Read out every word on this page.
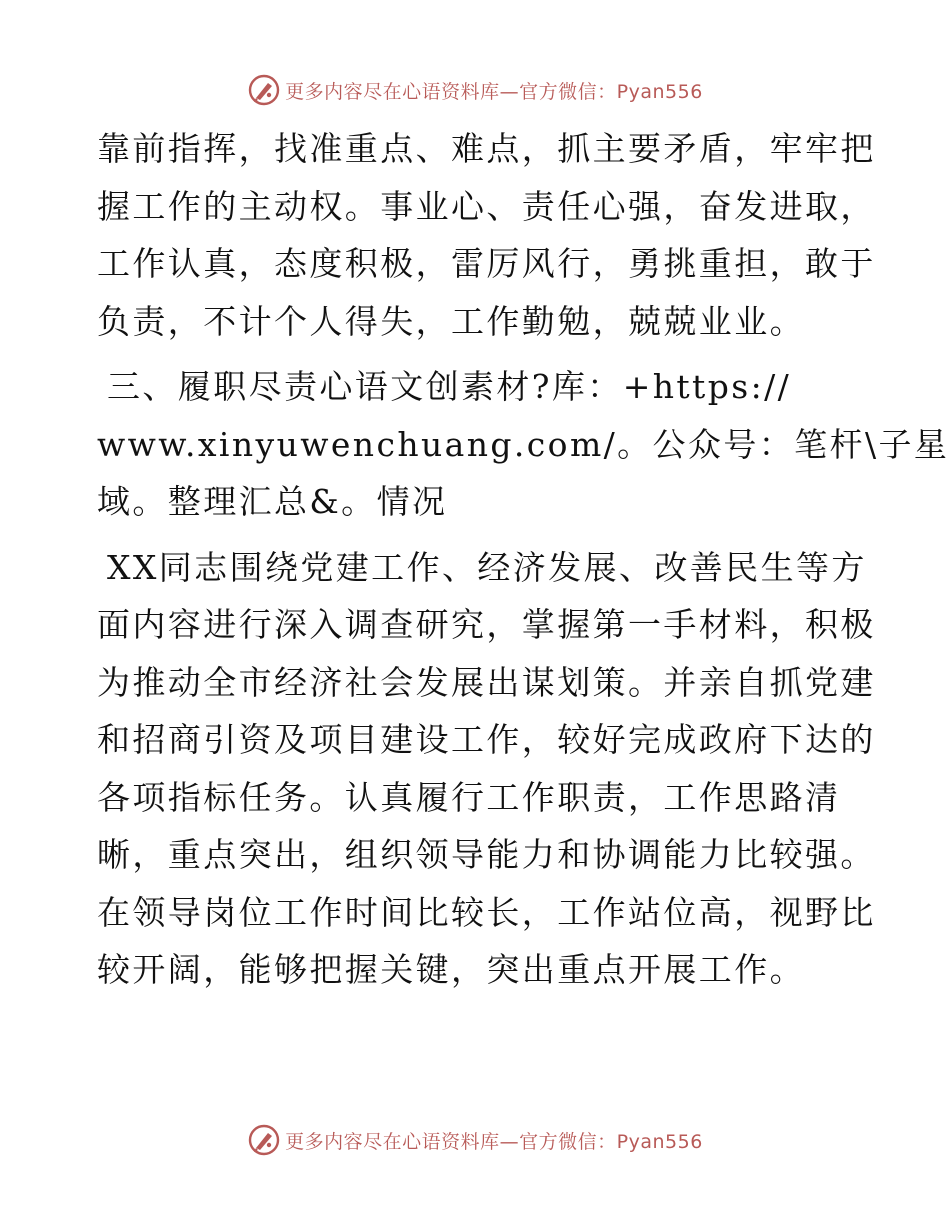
更多内容尽在心语资料库—官方微信：Pyan556

靠前指挥，找准重点、难点，抓主要矛盾，牢牢把
握工作的主动权。事业心、责任心强，奋发进取，
工作认真，态度积极，雷厉风行，勇挑重担，敢于
负责，不计个人得失，工作勤勉，兢兢业业。

三、履职尽责心语文创素材?库：+https://
www.xinyuwenchuang.com/。公众号：笔杆\子星
域。整理汇总&。情况

XX同志围绕党建工作、经济发展、改善民生等方
面内容进行深入调查研究，掌握第一手材料，积极
为推动全市经济社会发展出谋划策。并亲自抓党建
和招商引资及项目建设工作，较好完成政府下达的
各项指标任务。认真履行工作职责，工作思路清
晰，重点突出，组织领导能力和协调能力比较强。
在领导岗位工作时间比较长，工作站位高，视野比
较开阔，能够把握关键，突出重点开展工作。

更多内容尽在心语资料库—官方微信：Pyan556
